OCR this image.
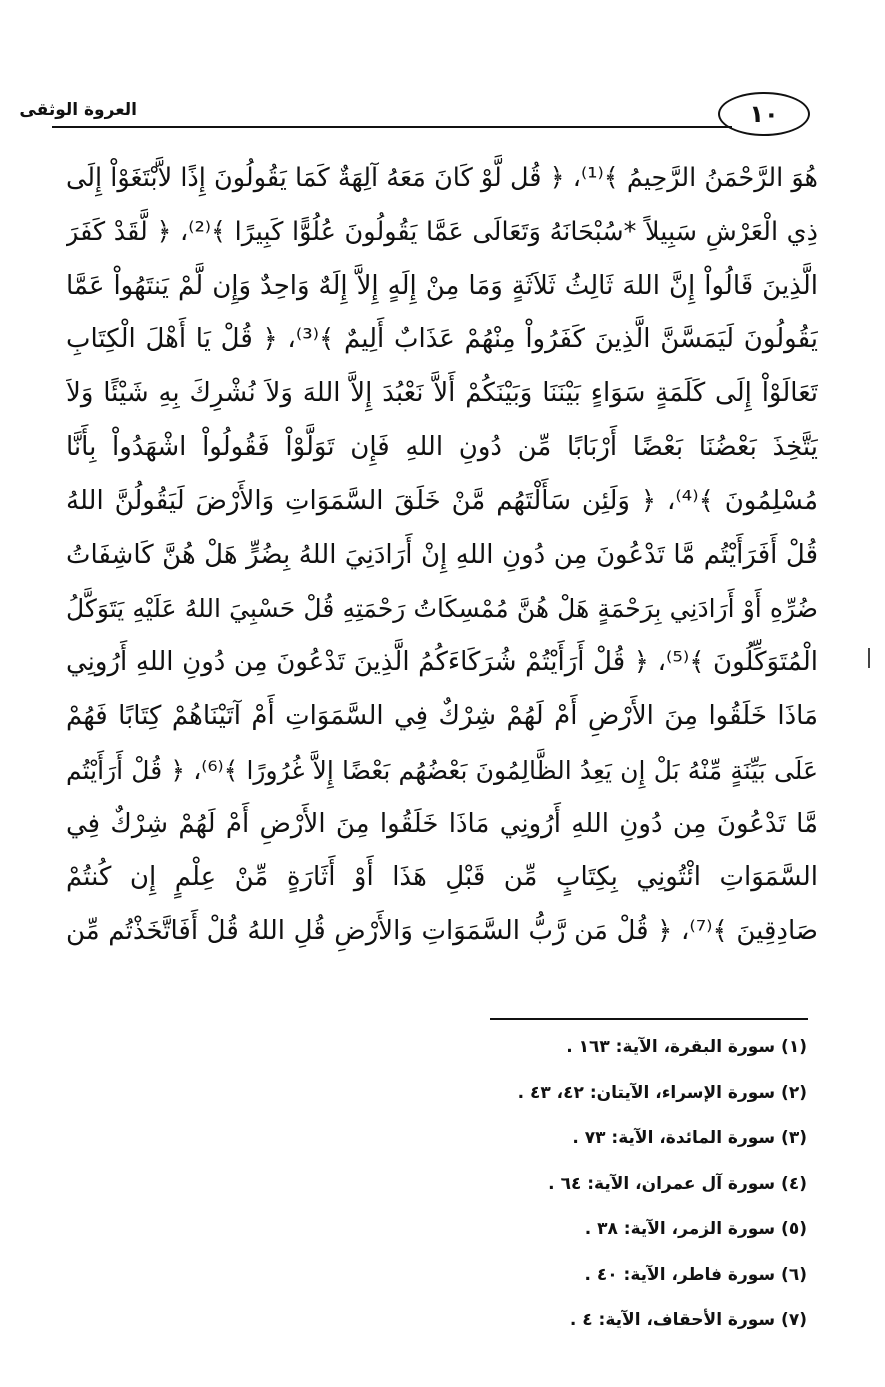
العروة الوثقى	١٠
هُوَ الرَّحْمَنُ الرَّحِيمُ ﴾⁽¹⁾، ﴿ قُل لَّوْ كَانَ مَعَهُ آلِهَةٌ كَمَا يَقُولُونَ إِذًا لاَّبْتَغَوْاْ إِلَى
ذِي الْعَرْشِ سَبِيلاً *سُبْحَانَهُ وَتَعَالَى عَمَّا يَقُولُونَ عُلُوًّا كَبِيرًا ﴾⁽²⁾، ﴿ لَّقَدْ كَفَرَ
الَّذِينَ قَالُواْ إِنَّ اللهَ ثَالِثُ ثَلاَثَةٍ وَمَا مِنْ إِلَهٍ إِلاَّ إِلَهٌ وَاحِدٌ وَإِن لَّمْ يَنتَهُواْ عَمَّا
يَقُولُونَ لَيَمَسَّنَّ الَّذِينَ كَفَرُواْ مِنْهُمْ عَذَابٌ أَلِيمٌ ﴾⁽³⁾، ﴿ قُلْ يَا أَهْلَ الْكِتَابِ
تَعَالَوْاْ إِلَى كَلَمَةٍ سَوَاءٍ بَيْنَنَا وَبَيْنَكُمْ أَلاَّ نَعْبُدَ إِلاَّ اللهَ وَلاَ نُشْرِكَ بِهِ شَيْئًا وَلاَ
يَتَّخِذَ بَعْضُنَا بَعْضًا أَرْبَابًا مِّن دُونِ اللهِ فَإِن تَوَلَّوْاْ فَقُولُواْ اشْهَدُواْ بِأَنَّا
مُسْلِمُونَ ﴾⁽⁴⁾، ﴿ وَلَئِن سَأَلْتَهُم مَّنْ خَلَقَ السَّمَوَاتِ وَالأَرْضَ لَيَقُولُنَّ اللهُ
قُلْ أَفَرَأَيْتُم مَّا تَدْعُونَ مِن دُونِ اللهِ إِنْ أَرَادَنِيَ اللهُ بِضُرٍّ هَلْ هُنَّ كَاشِفَاتُ
ضُرِّهِ أَوْ أَرَادَنِي بِرَحْمَةٍ هَلْ هُنَّ مُمْسِكَاتُ رَحْمَتِهِ قُلْ حَسْبِيَ اللهُ عَلَيْهِ يَتَوَكَّلُ
الْمُتَوَكِّلُونَ ﴾⁽⁵⁾، ﴿ قُلْ أَرَأَيْتُمْ شُرَكَاءَكُمُ الَّذِينَ تَدْعُونَ مِن دُونِ اللهِ أَرُونِي
مَاذَا خَلَقُوا مِنَ الأَرْضِ أَمْ لَهُمْ شِرْكٌ فِي السَّمَوَاتِ أَمْ آتَيْنَاهُمْ كِتَابًا فَهُمْ
عَلَى بَيِّنَةٍ مِّنْهُ بَلْ إِن يَعِدُ الظَّالِمُونَ بَعْضُهُم بَعْضًا إِلاَّ غُرُورًا ﴾⁽⁶⁾، ﴿ قُلْ أَرَأَيْتُم
مَّا تَدْعُونَ مِن دُونِ اللهِ أَرُونِي مَاذَا خَلَقُوا مِنَ الأَرْضِ أَمْ لَهُمْ شِرْكٌ فِي
السَّمَوَاتِ ائْتُونِي بِكِتَابٍ مِّن قَبْلِ هَذَا أَوْ أَثَارَةٍ مِّنْ عِلْمٍ إِن كُنتُمْ
صَادِقِينَ ﴾⁽⁷⁾، ﴿ قُلْ مَن رَّبُّ السَّمَوَاتِ وَالأَرْضِ قُلِ اللهُ قُلْ أَفَاتَّخَذْتُم مِّن
(١) سورة البقرة، الآية: ١٦٣ .
(٢) سورة الإسراء، الآيتان: ٤٢، ٤٣ .
(٣) سورة المائدة، الآية: ٧٣ .
(٤) سورة آل عمران، الآية: ٦٤ .
(٥) سورة الزمر، الآية: ٣٨ .
(٦) سورة فاطر، الآية: ٤٠ .
(٧) سورة الأحقاف، الآية: ٤ .
